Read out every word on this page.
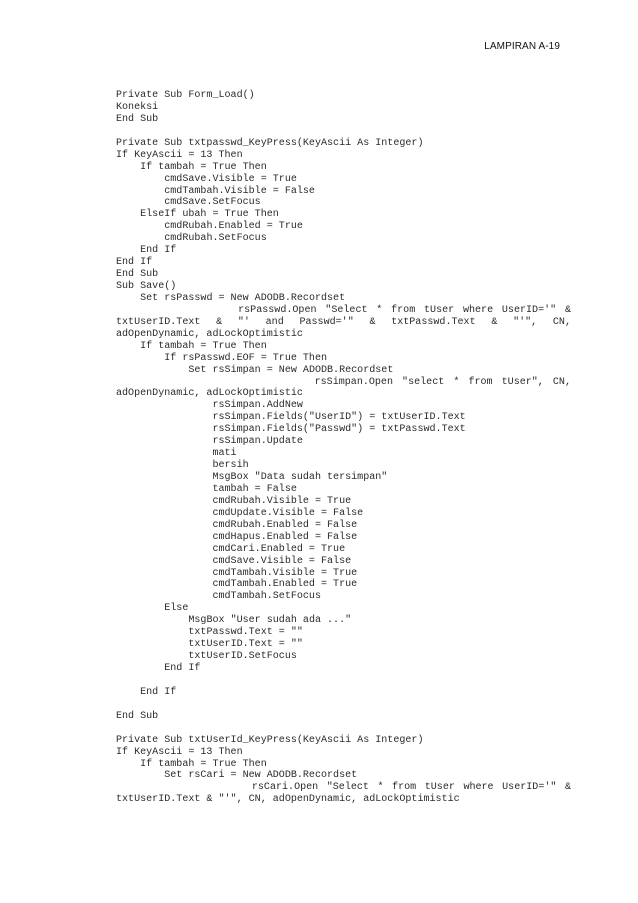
LAMPIRAN A-19
Private Sub Form_Load()
Koneksi
End Sub
Private Sub txtpasswd_KeyPress(KeyAscii As Integer)
If KeyAscii = 13 Then
If tambah = True Then
cmdSave.Visible = True
cmdTambah.Visible = False
cmdSave.SetFocus
ElseIf ubah = True Then
cmdRubah.Enabled = True
cmdRubah.SetFocus
End If
End If
End Sub
Sub Save()
Set rsPasswd = New ADODB.Recordset
rsPasswd.Open "Select * from tUser where UserID='" &
txtUserID.Text & "' and Passwd='" & txtPasswd.Text & "'", CN,
adOpenDynamic, adLockOptimistic
If tambah = True Then
If rsPasswd.EOF = True Then
Set rsSimpan = New ADODB.Recordset
rsSimpan.Open "select * from tUser", CN,
adOpenDynamic, adLockOptimistic
rsSimpan.AddNew
rsSimpan.Fields("UserID") = txtUserID.Text
rsSimpan.Fields("Passwd") = txtPasswd.Text
rsSimpan.Update
mati
bersih
MsgBox "Data sudah tersimpan"
tambah = False
cmdRubah.Visible = True
cmdUpdate.Visible = False
cmdRubah.Enabled = False
cmdHapus.Enabled = False
cmdCari.Enabled = True
cmdSave.Visible = False
cmdTambah.Visible = True
cmdTambah.Enabled = True
cmdTambah.SetFocus
Else
MsgBox "User sudah ada ..."
txtPasswd.Text = ""
txtUserID.Text = ""
txtUserID.SetFocus
End If
End If
End Sub
Private Sub txtUserId_KeyPress(KeyAscii As Integer)
If KeyAscii = 13 Then
If tambah = True Then
Set rsCari = New ADODB.Recordset
rsCari.Open "Select * from tUser where UserID='" &
txtUserID.Text & "'", CN, adOpenDynamic, adLockOptimistic
